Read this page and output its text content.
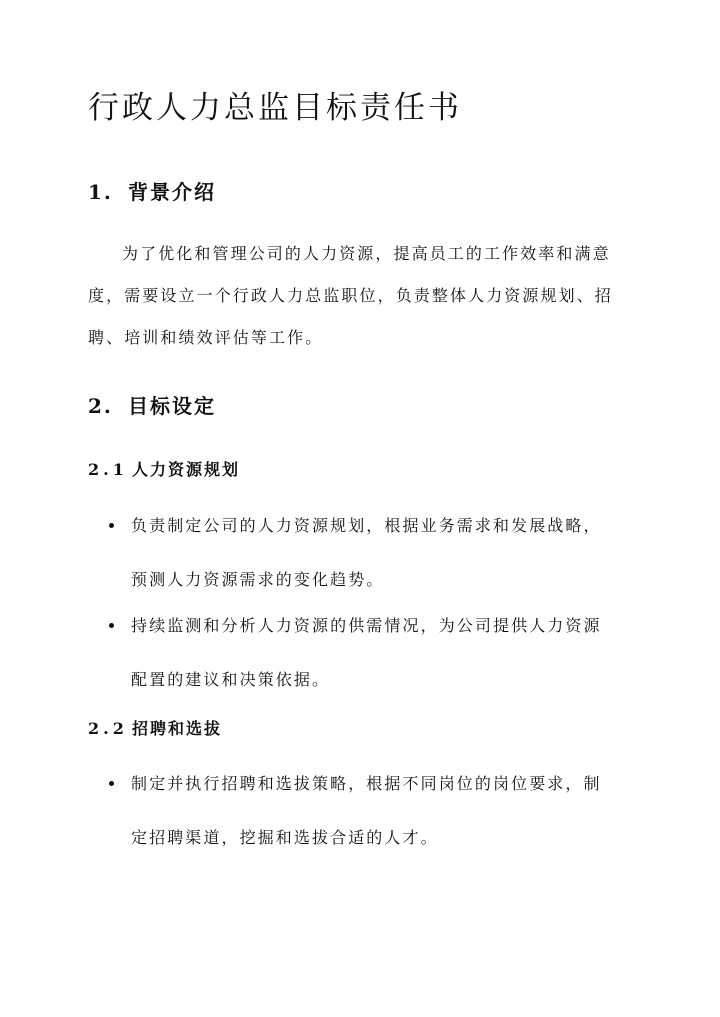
行政人力总监目标责任书
1. 背景介绍
为了优化和管理公司的人力资源，提高员工的工作效率和满意
度，需要设立一个行政人力总监职位，负责整体人力资源规划、招
聘、培训和绩效评估等工作。
2. 目标设定
2.1 人力资源规划
负责制定公司的人力资源规划，根据业务需求和发展战略，
预测人力资源需求的变化趋势。
持续监测和分析人力资源的供需情况，为公司提供人力资源
配置的建议和决策依据。
2.2 招聘和选拔
制定并执行招聘和选拔策略，根据不同岗位的岗位要求，制
定招聘渠道，挖掘和选拔合适的人才。
